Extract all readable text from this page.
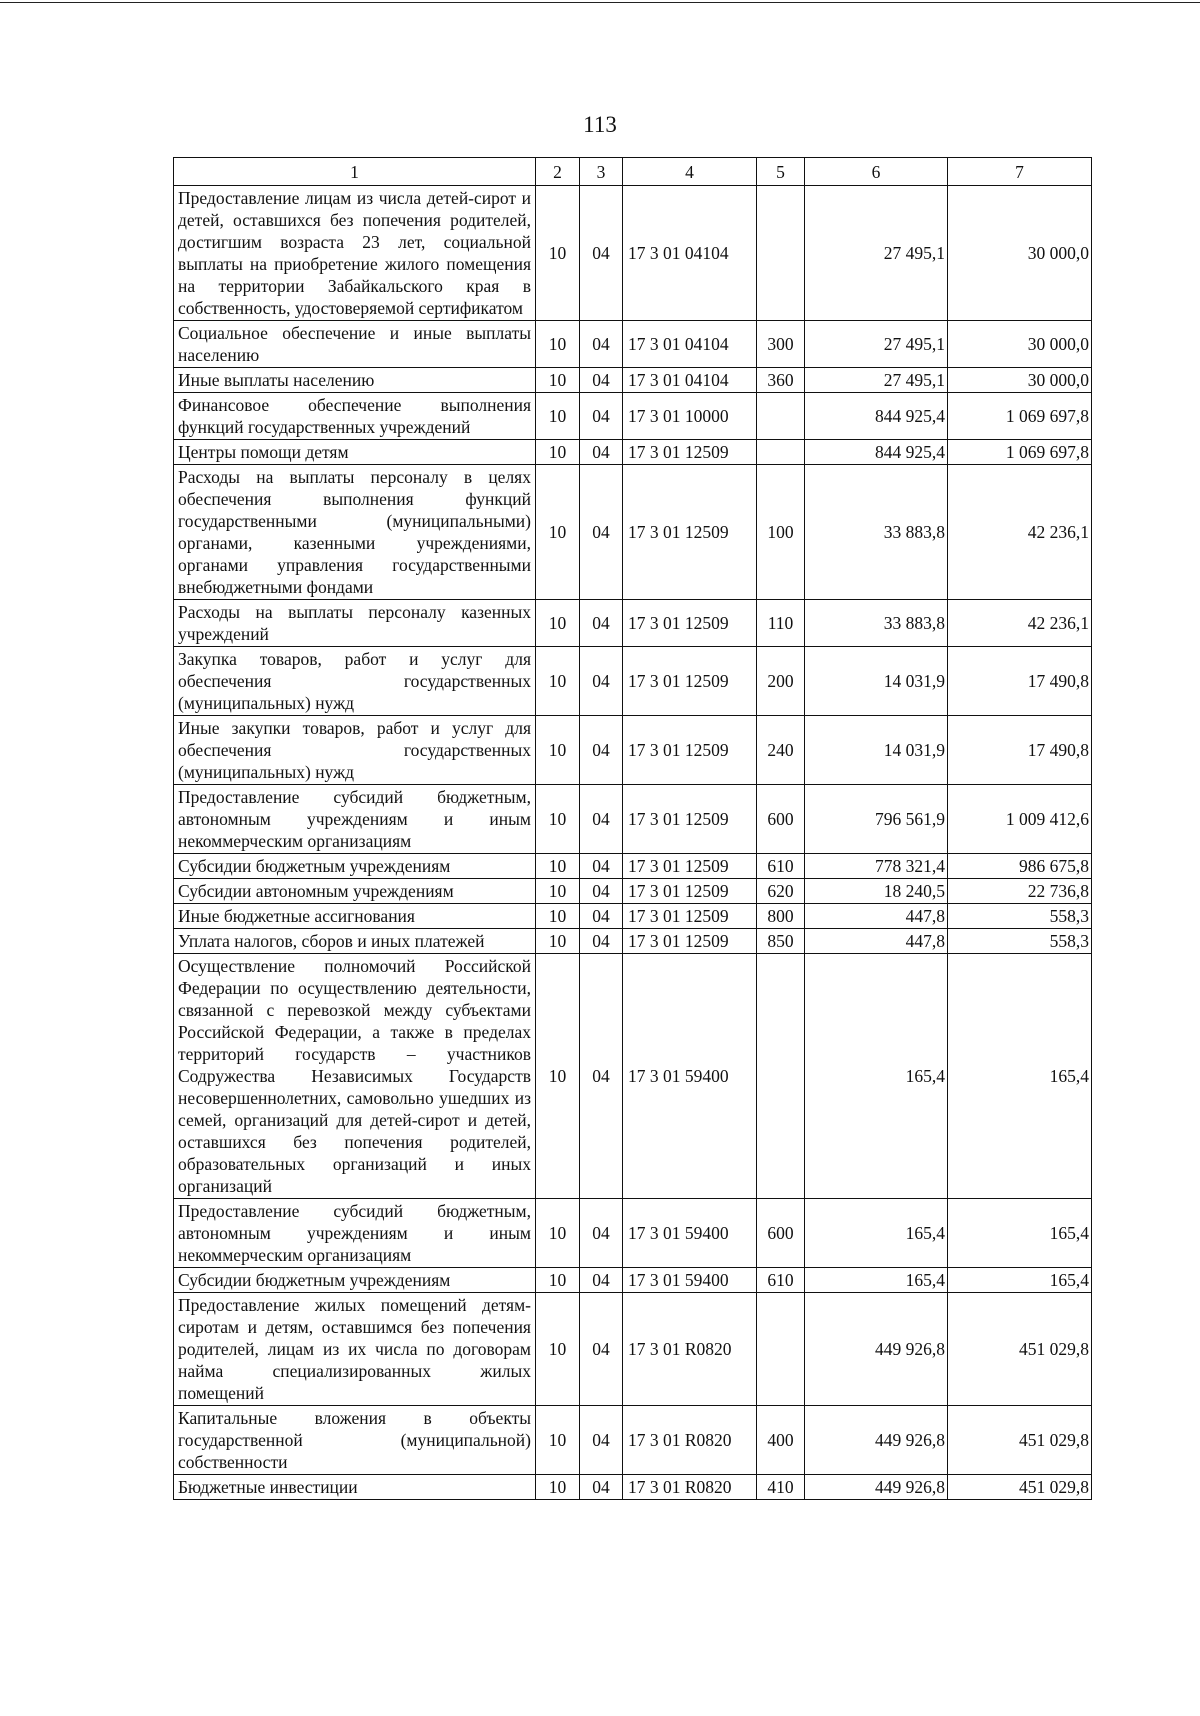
113
1	2	3	4	5	6	7
Предоставление лицам из числа детей-сирот и детей, оставшихся без попечения родителей, достигшим возраста 23 лет, социальной выплаты на приобретение жилого помещения на территории Забайкальского края в собственность, удостоверяемой сертификатом	10	04	17 3 01 04104		27 495,1	30 000,0
Социальное обеспечение и иные выплаты населению	10	04	17 3 01 04104	300	27 495,1	30 000,0
Иные выплаты населению	10	04	17 3 01 04104	360	27 495,1	30 000,0
Финансовое обеспечение выполнения функций государственных учреждений	10	04	17 3 01 10000		844 925,4	1 069 697,8
Центры помощи детям	10	04	17 3 01 12509		844 925,4	1 069 697,8
Расходы на выплаты персоналу в целях обеспечения выполнения функций государственными (муниципальными) органами, казенными учреждениями, органами управления государственными внебюджетными фондами	10	04	17 3 01 12509	100	33 883,8	42 236,1
Расходы на выплаты персоналу казенных учреждений	10	04	17 3 01 12509	110	33 883,8	42 236,1
Закупка товаров, работ и услуг для обеспечения государственных (муниципальных) нужд	10	04	17 3 01 12509	200	14 031,9	17 490,8
Иные закупки товаров, работ и услуг для обеспечения государственных (муниципальных) нужд	10	04	17 3 01 12509	240	14 031,9	17 490,8
Предоставление субсидий бюджетным, автономным учреждениям и иным некоммерческим организациям	10	04	17 3 01 12509	600	796 561,9	1 009 412,6
Субсидии бюджетным учреждениям	10	04	17 3 01 12509	610	778 321,4	986 675,8
Субсидии автономным учреждениям	10	04	17 3 01 12509	620	18 240,5	22 736,8
Иные бюджетные ассигнования	10	04	17 3 01 12509	800	447,8	558,3
Уплата налогов, сборов и иных платежей	10	04	17 3 01 12509	850	447,8	558,3
Осуществление полномочий Российской Федерации по осуществлению деятельности, связанной с перевозкой между субъектами Российской Федерации, а также в пределах территорий государств – участников Содружества Независимых Государств несовершеннолетних, самовольно ушедших из семей, организаций для детей-сирот и детей, оставшихся без попечения родителей, образовательных организаций и иных организаций	10	04	17 3 01 59400		165,4	165,4
Предоставление субсидий бюджетным, автономным учреждениям и иным некоммерческим организациям	10	04	17 3 01 59400	600	165,4	165,4
Субсидии бюджетным учреждениям	10	04	17 3 01 59400	610	165,4	165,4
Предоставление жилых помещений детям-сиротам и детям, оставшимся без попечения родителей, лицам из их числа по договорам найма специализированных жилых помещений	10	04	17 3 01 R0820		449 926,8	451 029,8
Капитальные вложения в объекты государственной (муниципальной) собственности	10	04	17 3 01 R0820	400	449 926,8	451 029,8
Бюджетные инвестиции	10	04	17 3 01 R0820	410	449 926,8	451 029,8
